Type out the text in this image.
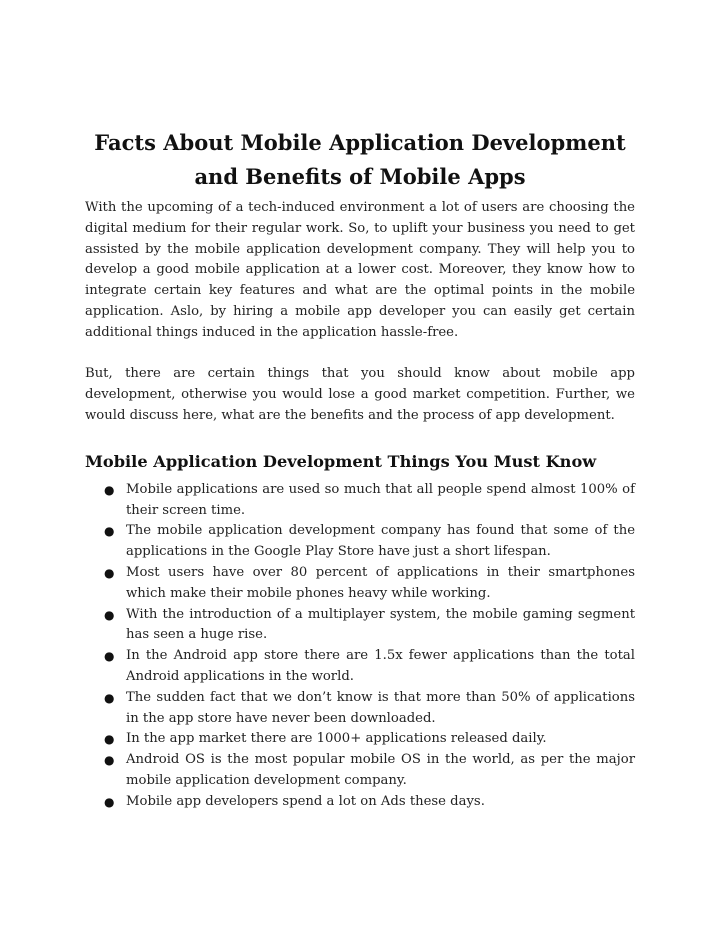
Facts About Mobile Application Development
and Benefits of Mobile Apps

With the upcoming of a tech-induced environment a lot of users are choosing the digital medium for their regular work. So, to uplift your business you need to get assisted by the mobile application development company. They will help you to develop a good mobile application at a lower cost. Moreover, they know how to integrate certain key features and what are the optimal points in the mobile application. Aslo, by hiring a mobile app developer you can easily get certain additional things induced in the application hassle-free.

But, there are certain things that you should know about mobile app development, otherwise you would lose a good market competition. Further, we would discuss here, what are the benefits and the process of app development.

Mobile Application Development Things You Must Know
● Mobile applications are used so much that all people spend almost 100% of their screen time.
● The mobile application development company has found that some of the applications in the Google Play Store have just a short lifespan.
● Most users have over 80 percent of applications in their smartphones which make their mobile phones heavy while working.
● With the introduction of a multiplayer system, the mobile gaming segment has seen a huge rise.
● In the Android app store there are 1.5x fewer applications than the total Android applications in the world.
● The sudden fact that we don’t know is that more than 50% of applications in the app store have never been downloaded.
● In the app market there are 1000+ applications released daily.
● Android OS is the most popular mobile OS in the world, as per the major mobile application development company.
● Mobile app developers spend a lot on Ads these days.
